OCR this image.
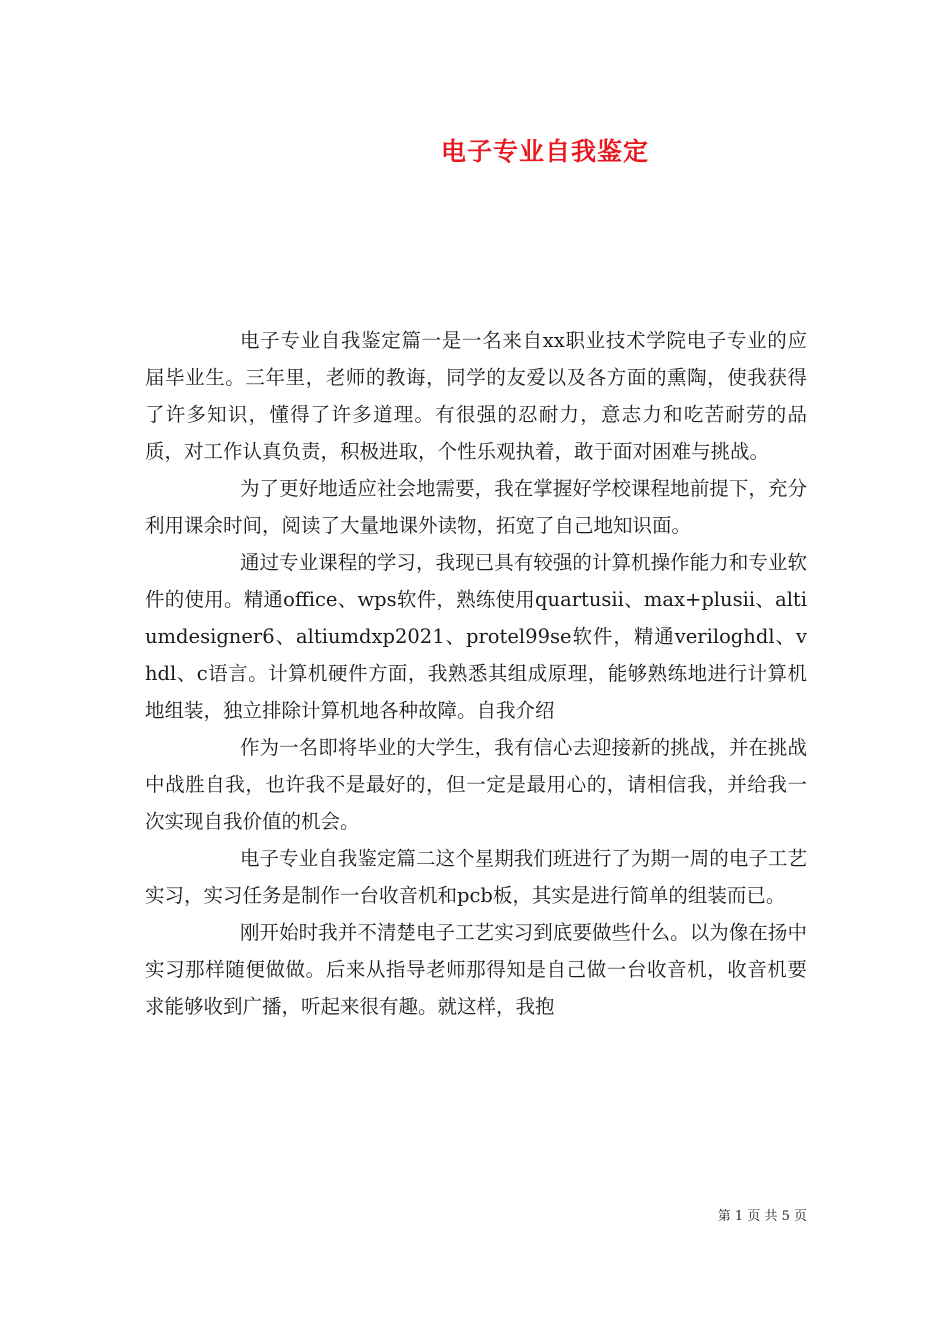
电子专业自我鉴定

电子专业自我鉴定篇一是一名来自xx职业技术学院电子专业的应届毕业生。三年里，老师的教诲，同学的友爱以及各方面的熏陶，使我获得了许多知识，懂得了许多道理。有很强的忍耐力，意志力和吃苦耐劳的品质，对工作认真负责，积极进取，个性乐观执着，敢于面对困难与挑战。

为了更好地适应社会地需要，我在掌握好学校课程地前提下，充分利用课余时间，阅读了大量地课外读物，拓宽了自己地知识面。

通过专业课程的学习，我现已具有较强的计算机操作能力和专业软件的使用。精通office、wps软件，熟练使用quartusii、max+plusii、altiumdesigner6、altiumdxp2021、protel99se软件，精通veriloghdl、vhdl、c语言。计算机硬件方面，我熟悉其组成原理，能够熟练地进行计算机地组装，独立排除计算机地各种故障。自我介绍

作为一名即将毕业的大学生，我有信心去迎接新的挑战，并在挑战中战胜自我，也许我不是最好的，但一定是最用心的，请相信我，并给我一次实现自我价值的机会。

电子专业自我鉴定篇二这个星期我们班进行了为期一周的电子工艺实习，实习任务是制作一台收音机和pcb板，其实是进行简单的组装而已。

刚开始时我并不清楚电子工艺实习到底要做些什么。以为像在扬中实习那样随便做做。后来从指导老师那得知是自己做一台收音机，收音机要求能够收到广播，听起来很有趣。就这样，我抱

第 1 页 共 5 页
